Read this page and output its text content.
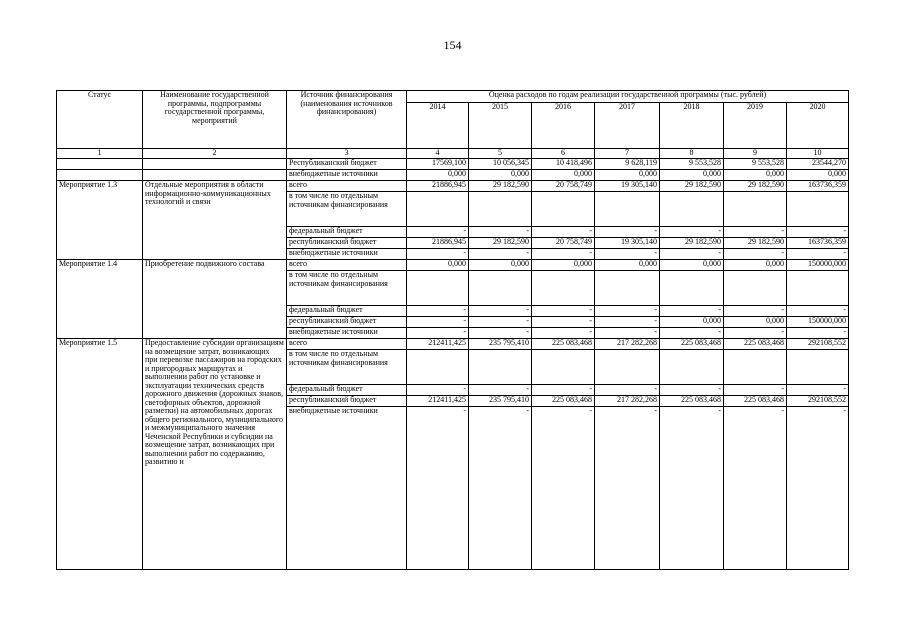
154
Статус	Наименование государственной программы, подпрограммы государственной программы, мероприятий	Источник финансирования (наименования источников финансирования)	Оценка расходов по годам реализации государственной программы (тыс. рублей)						
			2014	2015	2016	2017	2018	2019	2020
1	2	3	4	5	6	7	8	9	10
		Республиканский бюджет	17569,100	10 056,345	10 418,496	9 628,119	9 553,528	9 553,528	23544,270
		внебюджетные источники	0,000	0,000	0,000	0,000	0,000	0,000	0,000
Мероприятие 1.3	Отдельные мероприятия в области информационно-коммуникационных технологий и связи	всего	21886,945	29 182,590	20 758,749	19 305,140	29 182,590	29 182,590	163736,359
		в том числе по отдельным источникам финансирования							
		федеральный бюджет	-	-	-	-	-	-	-
		республиканский бюджет	21886,945	29 182,590	20 758,749	19 305,140	29 182,590	29 182,590	163736,359
		внебюджетные источники	-	-	-	-	-	-	-
Мероприятие 1.4	Приобретение подвижного состава	всего	0,000	0,000	0,000	0,000	0,000	0,000	150000,000
		в том числе по отдельным источникам финансирования							
		федеральный бюджет	-	-	-	-	-	-	-
		республиканский бюджет	-	-	-	-	0,000	0,000	150000,000
		внебюджетные источники	-	-	-	-	-	-	-
Мероприятие 1.5	Предоставление субсидии организациям на возмещение затрат, возникающих при перевозке пассажиров на городских и пригородных маршрутах и выполнении работ по установке и эксплуатации технических средств дорожного движения (дорожных знаков, светофорных объектов, дорожной разметки) на автомобильных дорогах общего регионального, муниципального и межмуниципального значения Чеченской Республики и субсидии на возмещение затрат, возникающих при выполнении работ по содержанию, развитию и	всего	212411,425	235 795,410	225 083,468	217 282,268	225 083,468	225 083,468	292108,552
		в том числе по отдельным источникам финансирования							
		федеральный бюджет	-	-	-	-	-	-	-
		республиканский бюджет	212411,425	235 795,410	225 083,468	217 282,268	225 083,468	225 083,468	292108,552
		внебюджетные источники	-	-	-	-	-	-	-
